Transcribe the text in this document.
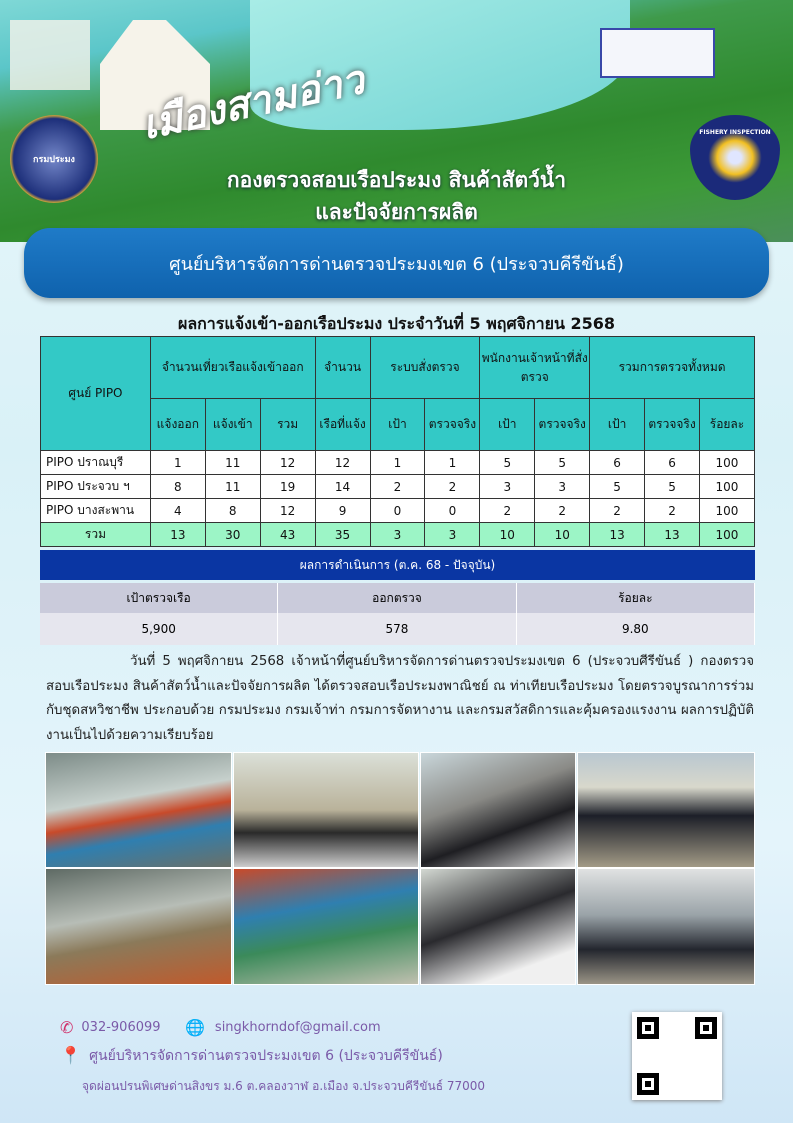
เมืองสามอ่าว
กรมประมง
FISHERY INSPECTION
กองตรวจสอบเรือประมง สินค้าสัตว์น้ำ
และปัจจัยการผลิต
ศูนย์บริหารจัดการด่านตรวจประมงเขต 6 (ประจวบคีรีขันธ์)
ผลการแจ้งเข้า-ออกเรือประมง ประจำวันที่ 5 พฤศจิกายน 2568
ศูนย์ PIPO	จำนวนเที่ยวเรือแจ้งเข้าออก			จำนวน	ระบบสั่งตรวจ		พนักงานเจ้าหน้าที่สั่งตรวจ		รวมการตรวจทั้งหมด		
	แจ้งออก	แจ้งเข้า	รวม	เรือที่แจ้ง	เป้า	ตรวจจริง	เป้า	ตรวจจริง	เป้า	ตรวจจริง	ร้อยละ
PIPO ปราณบุรี	1	11	12	12	1	1	5	5	6	6	100
PIPO ประจวบ ฯ	8	11	19	14	2	2	3	3	5	5	100
PIPO บางสะพาน	4	8	12	9	0	0	2	2	2	2	100
รวม	13	30	43	35	3	3	10	10	13	13	100
ผลการดำเนินการ (ต.ค. 68 - ปัจจุบัน)
เป้าตรวจเรือ	ออกตรวจ	ร้อยละ
5,900	578	9.80

วันที่ 5 พฤศจิกายน 2568 เจ้าหน้าที่ศูนย์บริหารจัดการด่านตรวจประมงเขต 6 (ประจวบศีรีขันธ์ ) กองตรวจสอบเรือประมง สินค้าสัตว์น้ำและปัจจัยการผลิต ได้ตรวจสอบเรือประมงพาณิชย์ ณ ท่าเทียบเรือประมง โดยตรวจบูรณาการร่วมกับชุดสหวิชาชีพ ประกอบด้วย กรมประมง กรมเจ้าท่า กรมการจัดหางาน และกรมสวัสดิการและคุ้มครองแรงงาน ผลการปฏิบัติงานเป็นไปด้วยความเรียบร้อย

✆ 032-906099 🌐 singkhorndof@gmail.com
📍 ศูนย์บริหารจัดการด่านตรวจประมงเขต 6 (ประจวบคีรีขันธ์)
จุดผ่อนปรนพิเศษด่านสิงขร ม.6 ต.คลองวาฬ อ.เมือง จ.ประจวบคีรีขันธ์ 77000
